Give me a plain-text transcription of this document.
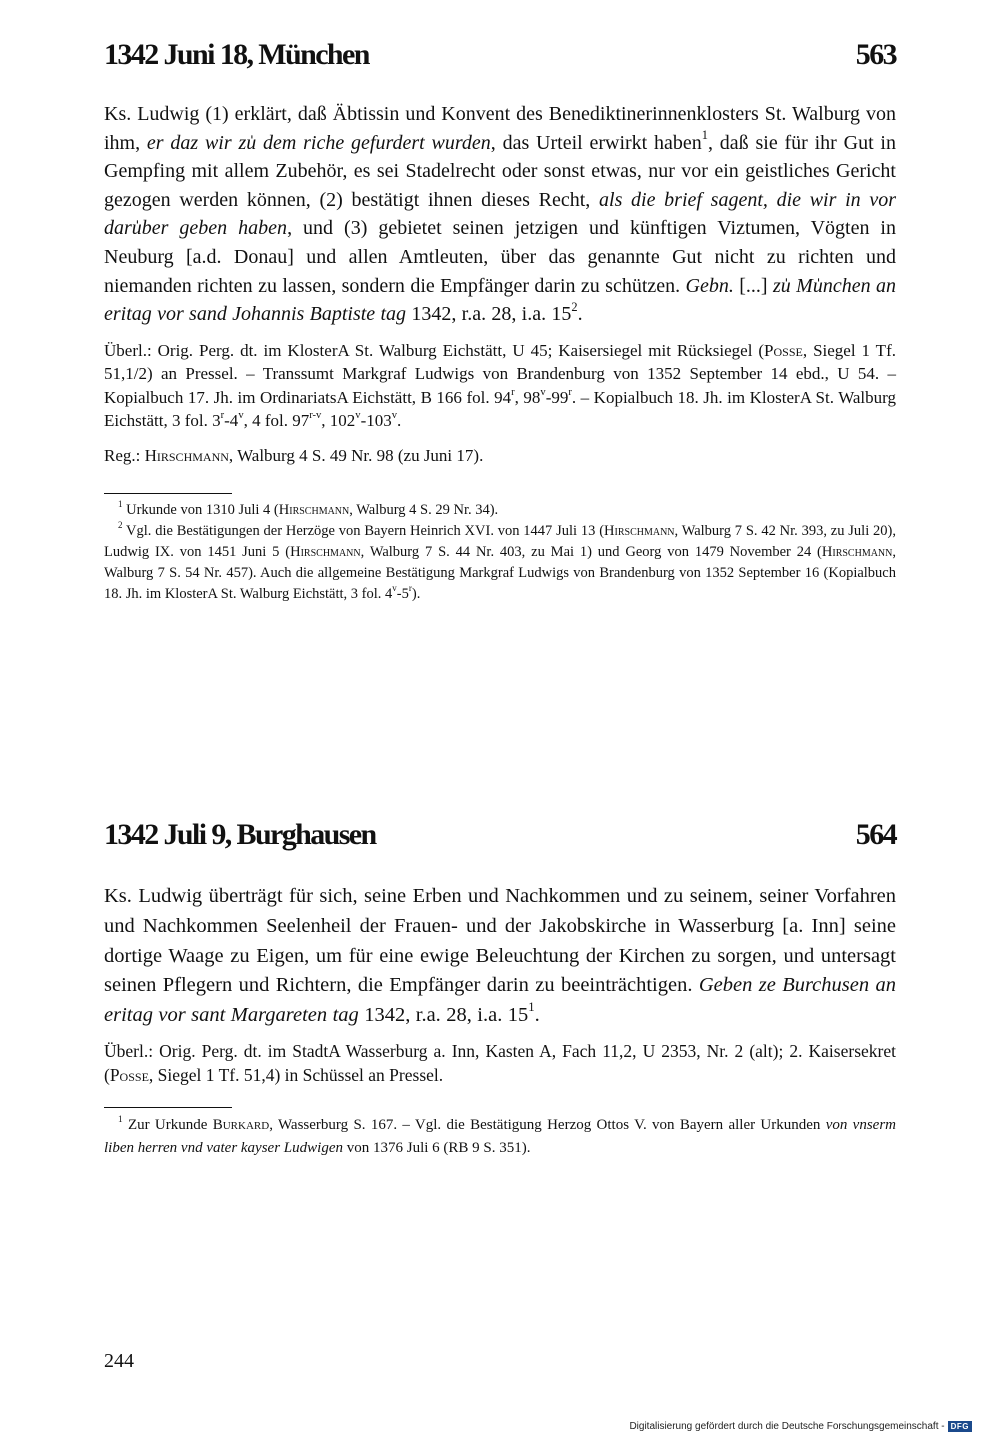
1342 Juni 18, München	563

Ks. Ludwig (1) erklärt, daß Äbtissin und Konvent des Benediktinerinnenklosters St. Walburg von ihm, er daz wir zu̍ dem riche gefurdert wurden, das Urteil erwirkt haben$^1$, daß sie für ihr Gut in Gempfing mit allem Zubehör, es sei Stadelrecht oder sonst etwas, nur vor ein geistliches Gericht gezogen werden können, (2) bestätigt ihnen dieses Recht, als die brief sagent, die wir in vor daru̍ber geben haben, und (3) gebietet seinen jetzigen und künftigen Viztumen, Vögten in Neuburg [a.d. Donau] und allen Amtleuten, über das genannte Gut nicht zu richten und niemanden richten zu lassen, sondern die Empfänger darin zu schützen. Gebn. [...] zu̍ Mu̍nchen an eritag vor sand Johannis Baptiste tag 1342, r.a. 28, i.a. $15^2$.

Überl.: Orig. Perg. dt. im KlosterA St. Walburg Eichstätt, U 45; Kaisersiegel mit Rücksiegel (Posse, Siegel 1 Tf. 51,1/2) an Pressel. – Transsumt Markgraf Ludwigs von Brandenburg von 1352 September 14 ebd., U 54. – Kopialbuch 17. Jh. im OrdinariatsA Eichstätt, B 166 fol. 94$^r$, 98$^v$-99$^r$. – Kopialbuch 18. Jh. im KlosterA St. Walburg Eichstätt, 3 fol. 3$^r$-4$^v$, 4 fol. 97$^{r-v}$, 102$^v$-103$^v$.

Reg.: Hirschmann, Walburg 4 S. 49 Nr. 98 (zu Juni 17).

$^1$ Urkunde von 1310 Juli 4 (Hirschmann, Walburg 4 S. 29 Nr. 34).

$^2$ Vgl. die Bestätigungen der Herzöge von Bayern Heinrich XVI. von 1447 Juli 13 (Hirschmann, Walburg 7 S. 42 Nr. 393, zu Juli 20), Ludwig IX. von 1451 Juni 5 (Hirschmann, Walburg 7 S. 44 Nr. 403, zu Mai 1) und Georg von 1479 November 24 (Hirschmann, Walburg 7 S. 54 Nr. 457). Auch die allgemeine Bestätigung Markgraf Ludwigs von Brandenburg von 1352 September 16 (Kopialbuch 18. Jh. im KlosterA St. Walburg Eichstätt, 3 fol. 4$^v$-5$^r$).

1342 Juli 9, Burghausen	564

Ks. Ludwig überträgt für sich, seine Erben und Nachkommen und zu seinem, seiner Vorfahren und Nachkommen Seelenheil der Frauen- und der Jakobskirche in Wasserburg [a. Inn] seine dortige Waage zu Eigen, um für eine ewige Beleuchtung der Kirchen zu sorgen, und untersagt seinen Pflegern und Richtern, die Empfänger darin zu beeinträchtigen. Geben ze Burchusen an eritag vor sant Margareten tag 1342, r.a. 28, i.a. $15^1$.

Überl.: Orig. Perg. dt. im StadtA Wasserburg a. Inn, Kasten A, Fach 11,2, U 2353, Nr. 2 (alt); 2. Kaisersekret (Posse, Siegel 1 Tf. 51,4) in Schüssel an Pressel.

$^1$ Zur Urkunde Burkard, Wasserburg S. 167. – Vgl. die Bestätigung Herzog Ottos V. von Bayern aller Urkunden von vnserm liben herren vnd vater kayser Ludwigen von 1376 Juli 6 (RB 9 S. 351).

244
Digitalisierung gefördert durch die Deutsche Forschungsgemeinschaft - DFG
